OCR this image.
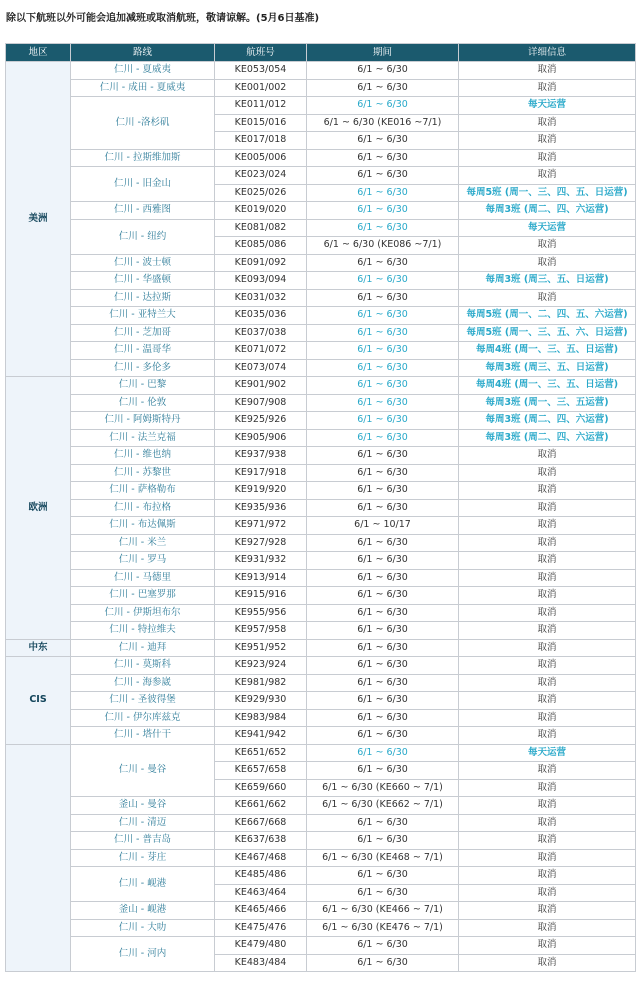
除以下航班以外可能会追加减班或取消航班，敬请谅解。(5月6日基准)
地区	路线	航班号	期间	详细信息
美洲	仁川 - 夏威夷	KE053/054	6/1 ~ 6/30	取消
	仁川 - 成田 - 夏威夷	KE001/002	6/1 ~ 6/30	取消
	仁川 -洛杉矶	KE011/012	6/1 ~ 6/30	每天运营
		KE015/016	6/1 ~ 6/30 (KE016 ~7/1)	取消
		KE017/018	6/1 ~ 6/30	取消
	仁川 - 拉斯维加斯	KE005/006	6/1 ~ 6/30	取消
	仁川 - 旧金山	KE023/024	6/1 ~ 6/30	取消
		KE025/026	6/1 ~ 6/30	每周5班 (周一、三、四、五、日运营)
	仁川 - 西雅图	KE019/020	6/1 ~ 6/30	每周3班 (周二、四、六运营)
	仁川 - 纽约	KE081/082	6/1 ~ 6/30	每天运营
		KE085/086	6/1 ~ 6/30 (KE086 ~7/1)	取消
	仁川 - 波士顿	KE091/092	6/1 ~ 6/30	取消
	仁川 - 华盛顿	KE093/094	6/1 ~ 6/30	每周3班 (周三、五、日运营)
	仁川 - 达拉斯	KE031/032	6/1 ~ 6/30	取消
	仁川 - 亚特兰大	KE035/036	6/1 ~ 6/30	每周5班 (周一、二、四、五、六运营)
	仁川 - 芝加哥	KE037/038	6/1 ~ 6/30	每周5班 (周一、三、五、六、日运营)
	仁川 - 温哥华	KE071/072	6/1 ~ 6/30	每周4班 (周一、三、五、日运营)
	仁川 - 多伦多	KE073/074	6/1 ~ 6/30	每周3班 (周三、五、日运营)
欧洲	仁川 - 巴黎	KE901/902	6/1 ~ 6/30	每周4班 (周一、三、五、日运营)
	仁川 - 伦敦	KE907/908	6/1 ~ 6/30	每周3班 (周一、三、五运营)
	仁川 - 阿姆斯特丹	KE925/926	6/1 ~ 6/30	每周3班 (周二、四、六运营)
	仁川 - 法兰克福	KE905/906	6/1 ~ 6/30	每周3班 (周二、四、六运营)
	仁川 - 维也纳	KE937/938	6/1 ~ 6/30	取消
	仁川 - 苏黎世	KE917/918	6/1 ~ 6/30	取消
	仁川 - 萨格勒布	KE919/920	6/1 ~ 6/30	取消
	仁川 - 布拉格	KE935/936	6/1 ~ 6/30	取消
	仁川 - 布达佩斯	KE971/972	6/1 ~ 10/17	取消
	仁川 - 米兰	KE927/928	6/1 ~ 6/30	取消
	仁川 - 罗马	KE931/932	6/1 ~ 6/30	取消
	仁川 - 马德里	KE913/914	6/1 ~ 6/30	取消
	仁川 - 巴塞罗那	KE915/916	6/1 ~ 6/30	取消
	仁川 - 伊斯坦布尔	KE955/956	6/1 ~ 6/30	取消
	仁川 - 特拉维夫	KE957/958	6/1 ~ 6/30	取消
中东	仁川 - 迪拜	KE951/952	6/1 ~ 6/30	取消
CIS	仁川 - 莫斯科	KE923/924	6/1 ~ 6/30	取消
	仁川 - 海参崴	KE981/982	6/1 ~ 6/30	取消
	仁川 - 圣彼得堡	KE929/930	6/1 ~ 6/30	取消
	仁川 - 伊尔库兹克	KE983/984	6/1 ~ 6/30	取消
	仁川 - 塔什干	KE941/942	6/1 ~ 6/30	取消
	仁川 - 曼谷	KE651/652	6/1 ~ 6/30	每天运营
		KE657/658	6/1 ~ 6/30	取消
		KE659/660	6/1 ~ 6/30 (KE660 ~ 7/1)	取消
	釜山 - 曼谷	KE661/662	6/1 ~ 6/30 (KE662 ~ 7/1)	取消
	仁川 - 清迈	KE667/668	6/1 ~ 6/30	取消
	仁川 - 普吉岛	KE637/638	6/1 ~ 6/30	取消
	仁川 - 芽庄	KE467/468	6/1 ~ 6/30 (KE468 ~ 7/1)	取消
	仁川 - 岘港	KE485/486	6/1 ~ 6/30	取消
		KE463/464	6/1 ~ 6/30	取消
	釜山 - 岘港	KE465/466	6/1 ~ 6/30 (KE466 ~ 7/1)	取消
	仁川 - 大叻	KE475/476	6/1 ~ 6/30 (KE476 ~ 7/1)	取消
	仁川 - 河内	KE479/480	6/1 ~ 6/30	取消
		KE483/484	6/1 ~ 6/30	取消
